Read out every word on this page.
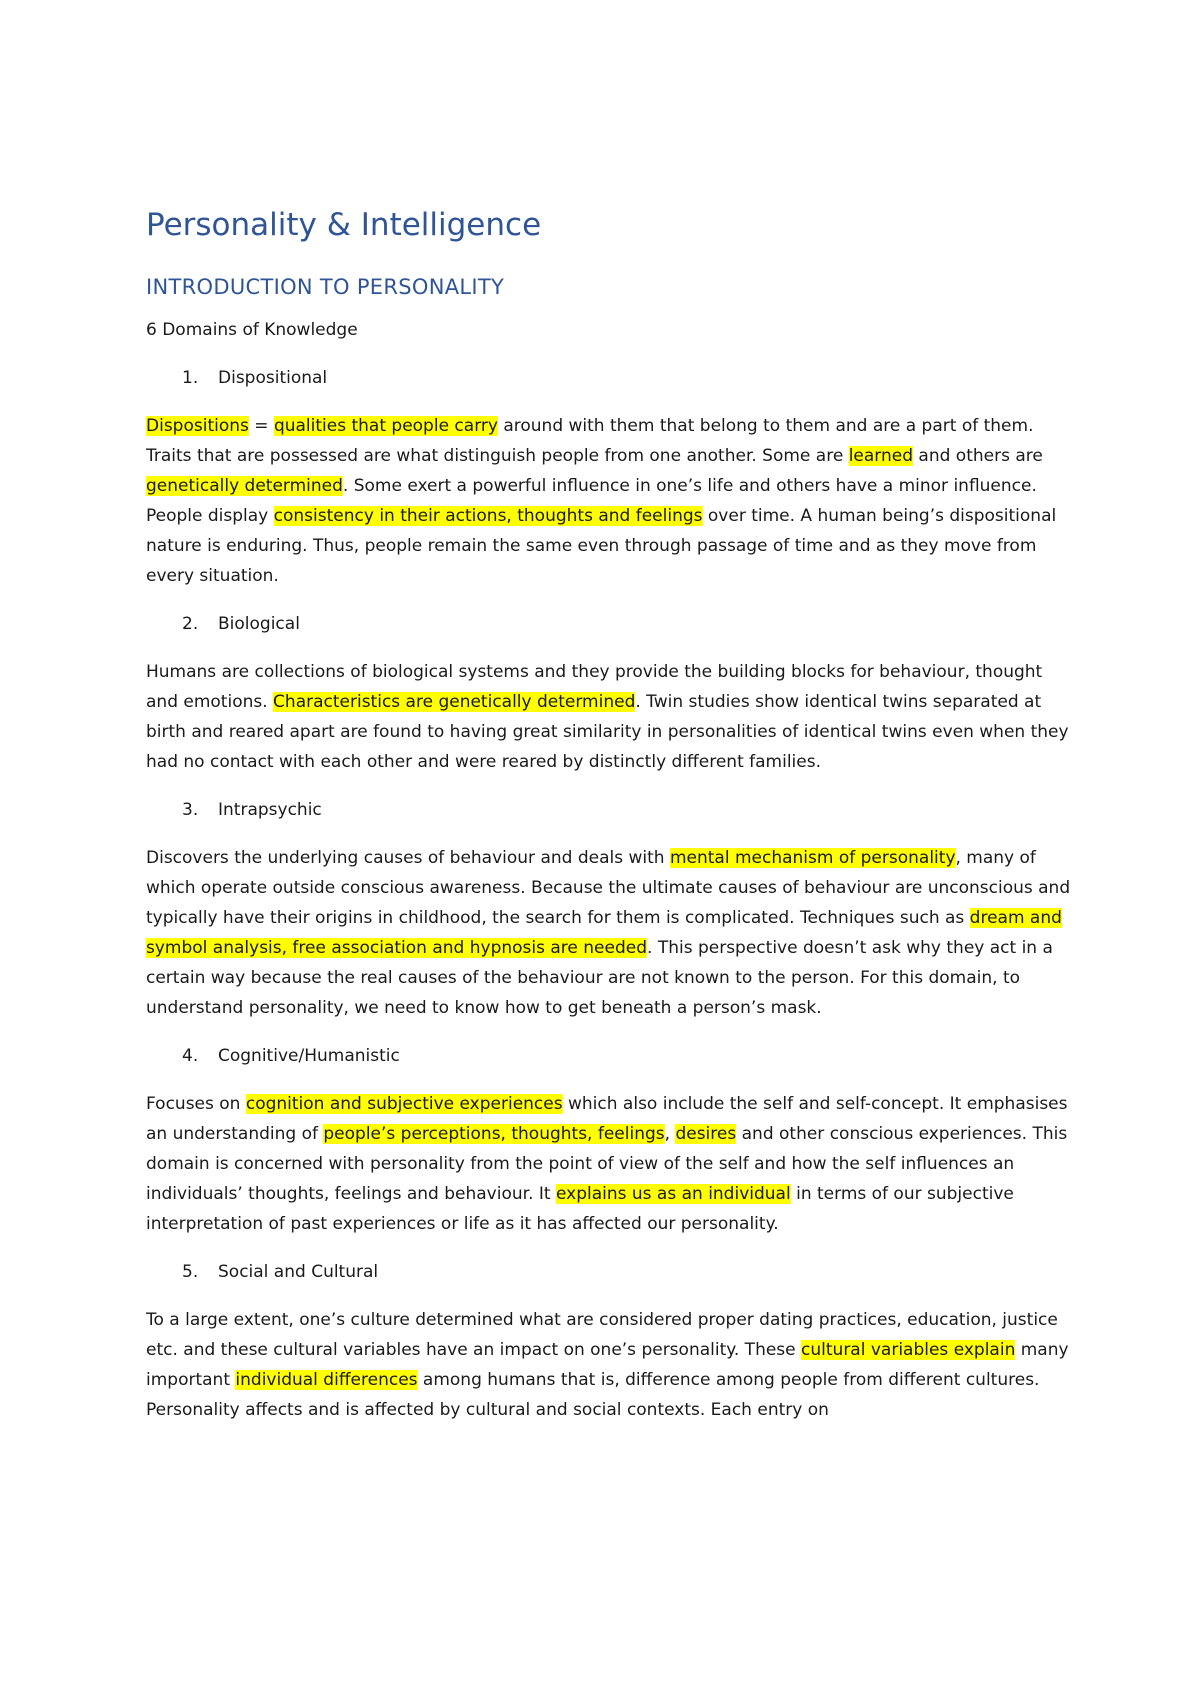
Personality & Intelligence
INTRODUCTION TO PERSONALITY

6 Domains of Knowledge

1.	Dispositional

Dispositions = qualities that people carry around with them that belong to them and are a part of them. Traits that are possessed are what distinguish people from one another. Some are learned and others are genetically determined. Some exert a powerful influence in one’s life and others have a minor influence. People display consistency in their actions, thoughts and feelings over time. A human being’s dispositional nature is enduring. Thus, people remain the same even through passage of time and as they move from every situation.

2.	Biological

Humans are collections of biological systems and they provide the building blocks for behaviour, thought and emotions. Characteristics are genetically determined. Twin studies show identical twins separated at birth and reared apart are found to having great similarity in personalities of identical twins even when they had no contact with each other and were reared by distinctly different families.

3.	Intrapsychic

Discovers the underlying causes of behaviour and deals with mental mechanism of personality, many of which operate outside conscious awareness. Because the ultimate causes of behaviour are unconscious and typically have their origins in childhood, the search for them is complicated. Techniques such as dream and symbol analysis, free association and hypnosis are needed. This perspective doesn’t ask why they act in a certain way because the real causes of the behaviour are not known to the person. For this domain, to understand personality, we need to know how to get beneath a person’s mask.

4.	Cognitive/Humanistic

Focuses on cognition and subjective experiences which also include the self and self-concept. It emphasises an understanding of people’s perceptions, thoughts, feelings, desires and other conscious experiences. This domain is concerned with personality from the point of view of the self and how the self influences an individuals’ thoughts, feelings and behaviour. It explains us as an individual in terms of our subjective interpretation of past experiences or life as it has affected our personality.

5.	Social and Cultural

To a large extent, one’s culture determined what are considered proper dating practices, education, justice etc. and these cultural variables have an impact on one’s personality. These cultural variables explain many important individual differences among humans that is, difference among people from different cultures. Personality affects and is affected by cultural and social contexts. Each entry on
